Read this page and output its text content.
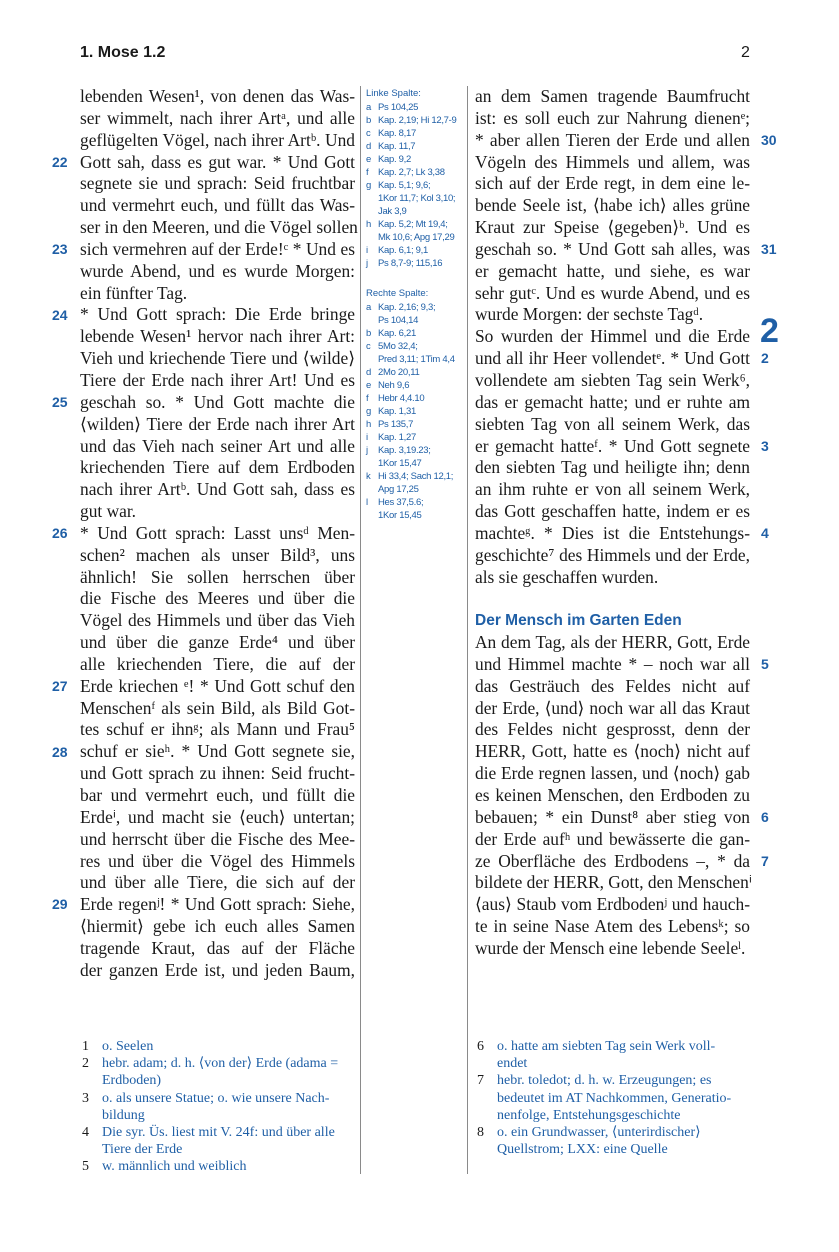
1. Mose 1.2	2
lebenden Wesen¹, von denen das Was-
ser wimmelt, nach ihrer Artᵃ, und alle
geflügelten Vögel, nach ihrer Artᵇ. Und
Gott sah, dass es gut war. * Und Gott
segnete sie und sprach: Seid fruchtbar
und vermehrt euch, und füllt das Was-
ser in den Meeren, und die Vögel sollen
sich vermehren auf der Erde!ᶜ * Und es
wurde Abend, und es wurde Morgen:
ein fünfter Tag.
* Und Gott sprach: Die Erde bringe
lebende Wesen¹ hervor nach ihrer Art:
Vieh und kriechende Tiere und ⟨wilde⟩
Tiere der Erde nach ihrer Art! Und es
geschah so. * Und Gott machte die
⟨wilden⟩ Tiere der Erde nach ihrer Art
und das Vieh nach seiner Art und alle
kriechenden Tiere auf dem Erdboden
nach ihrer Artᵇ. Und Gott sah, dass es
gut war.
* Und Gott sprach: Lasst unsᵈ Men-
schen² machen als unser Bild³, uns
ähnlich! Sie sollen herrschen über
die Fische des Meeres und über die
Vögel des Himmels und über das Vieh
und über die ganze Erde⁴ und über
alle kriechenden Tiere, die auf der
Erde kriechen ᵉ! * Und Gott schuf den
Menschenᶠ als sein Bild, als Bild Got-
tes schuf er ihnᵍ; als Mann und Frau⁵
schuf er sieʰ. * Und Gott segnete sie,
und Gott sprach zu ihnen: Seid frucht-
bar und vermehrt euch, und füllt die
Erdeⁱ, und macht sie ⟨euch⟩ untertan;
und herrscht über die Fische des Mee-
res und über die Vögel des Himmels
und über alle Tiere, die sich auf der
Erde regenʲ! * Und Gott sprach: Siehe,
⟨hiermit⟩ gebe ich euch alles Samen
tragende Kraut, das auf der Fläche
der ganzen Erde ist, und jeden Baum,
an dem Samen tragende Baumfrucht
ist: es soll euch zur Nahrung dienenᵉ;
* aber allen Tieren der Erde und allen
Vögeln des Himmels und allem, was
sich auf der Erde regt, in dem eine le-
bende Seele ist, ⟨habe ich⟩ alles grüne
Kraut zur Speise ⟨gegeben⟩ᵇ. Und es
geschah so. * Und Gott sah alles, was
er gemacht hatte, und siehe, es war
sehr gutᶜ. Und es wurde Abend, und es
wurde Morgen: der sechste Tagᵈ.
So wurden der Himmel und die Erde
und all ihr Heer vollendetᵉ. * Und Gott
vollendete am siebten Tag sein Werk⁶,
das er gemacht hatte; und er ruhte am
siebten Tag von all seinem Werk, das
er gemacht hatteᶠ. * Und Gott segnete
den siebten Tag und heiligte ihn; denn
an ihm ruhte er von all seinem Werk,
das Gott geschaffen hatte, indem er es
machteᵍ. * Dies ist die Entstehungs-
geschichte⁷ des Himmels und der Erde,
als sie geschaffen wurden.
Der Mensch im Garten Eden
An dem Tag, als der HERR, Gott, Erde
und Himmel machte * – noch war all
das Gesträuch des Feldes nicht auf
der Erde, ⟨und⟩ noch war all das Kraut
des Feldes nicht gesprosst, denn der
HERR, Gott, hatte es ⟨noch⟩ nicht auf
die Erde regnen lassen, und ⟨noch⟩ gab
es keinen Menschen, den Erdboden zu
bebauen; * ein Dunst⁸ aber stieg von
der Erde aufʰ und bewässerte die gan-
ze Oberfläche des Erdbodens –, * da
bildete der HERR, Gott, den Menschenⁱ
⟨aus⟩ Staub vom Erdbodenʲ und hauch-
te in seine Nase Atem des Lebensᵏ; so
wurde der Mensch eine lebende Seeleˡ.
22
23
24
25
26
27
28
29
30
31
2
3
4
5
6
7
2
Linke Spalte:
a Ps 104,25
b Kap. 2,19; Hi 12,7-9
c Kap. 8,17
d Kap. 11,7
e Kap. 9,2
f Kap. 2,7; Lk 3,38
g Kap. 5,1; 9,6;
1Kor 11,7; Kol 3,10;
Jak 3,9
h Kap. 5,2; Mt 19,4;
Mk 10,6; Apg 17,29
i	Kap. 6,1; 9,1
j	Ps 8,7-9; 115,16
Rechte Spalte:
a Kap. 2,16; 9,3;
Ps 104,14
b Kap. 6,21
c 5Mo 32,4;
Pred 3,11; 1Tim 4,4
d 2Mo 20,11
e Neh 9,6
f Hebr 4,4.10
g Kap. 1,31
h Ps 135,7
i	Kap. 1,27
j	Kap. 3,19.23;
1Kor 15,47
k Hi 33,4; Sach 12,1;
Apg 17,25
l	Hes 37,5.6;
1Kor 15,45
1 o. Seelen
2 hebr. adam; d. h. ⟨von der⟩ Erde (adama =
Erdboden)
3 o. als unsere Statue; o. wie unsere Nach-
bildung
4 Die syr. Üs. liest mit V. 24f: und über alle
Tiere der Erde
5 w. männlich und weiblich
6 o. hatte am siebten Tag sein Werk voll-
endet
7 hebr. toledot; d. h. w. Erzeugungen; es
bedeutet im AT Nachkommen, Generatio-
nenfolge, Entstehungsgeschichte
8 o. ein Grundwasser, ⟨unterirdischer⟩
Quellstrom; LXX: eine Quelle
